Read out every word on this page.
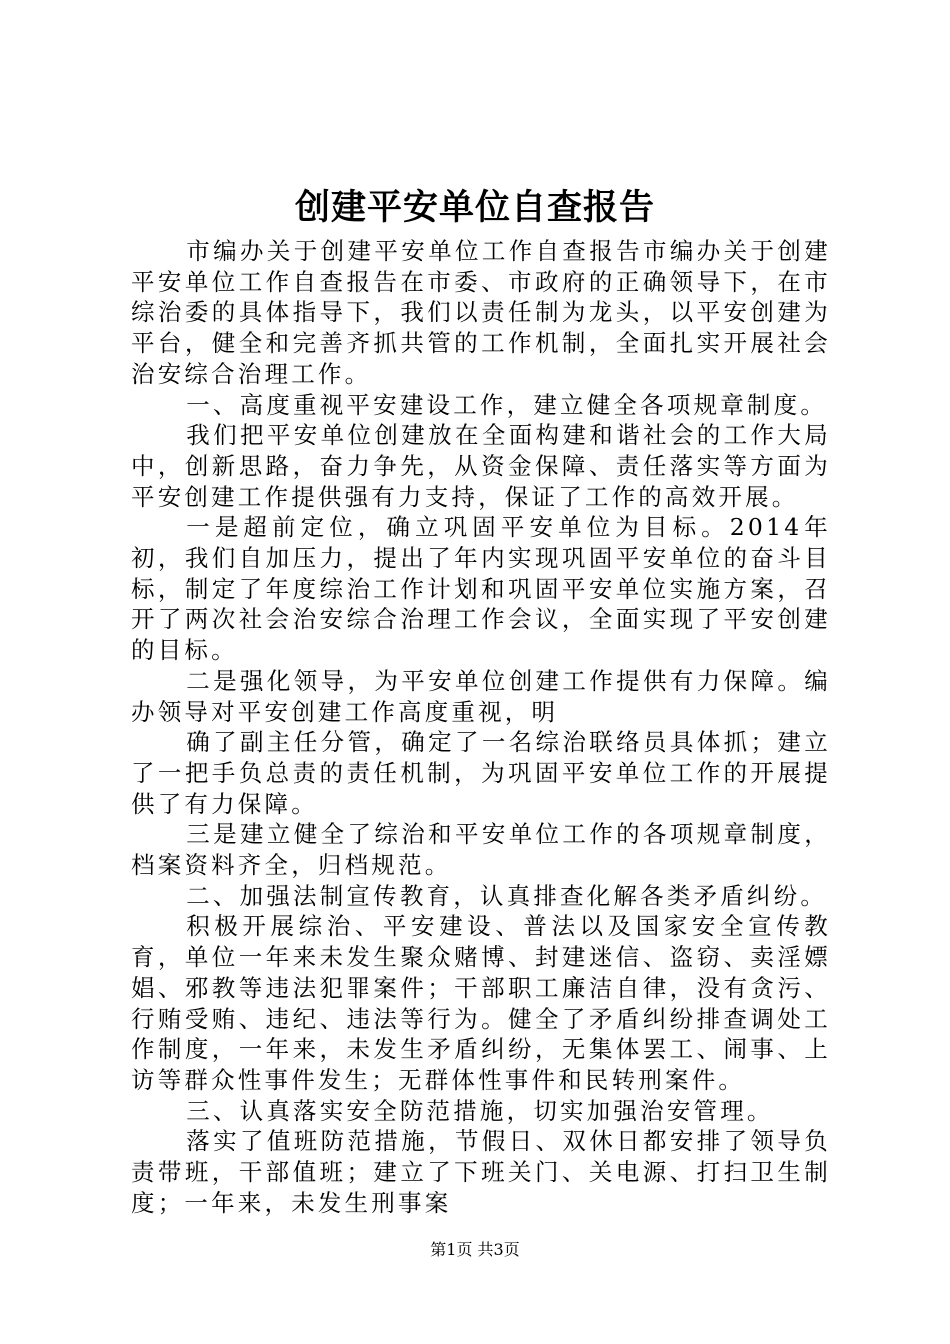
创建平安单位自查报告

市编办关于创建平安单位工作自查报告市编办关于创建平安单位工作自查报告在市委、市政府的正确领导下，在市综治委的具体指导下，我们以责任制为龙头，以平安创建为平台，健全和完善齐抓共管的工作机制，全面扎实开展社会治安综合治理工作。

一、高度重视平安建设工作，建立健全各项规章制度。

我们把平安单位创建放在全面构建和谐社会的工作大局中，创新思路，奋力争先，从资金保障、责任落实等方面为平安创建工作提供强有力支持，保证了工作的高效开展。

一是超前定位，确立巩固平安单位为目标。2014年初，我们自加压力，提出了年内实现巩固平安单位的奋斗目标，制定了年度综治工作计划和巩固平安单位实施方案，召开了两次社会治安综合治理工作会议，全面实现了平安创建的目标。

二是强化领导，为平安单位创建工作提供有力保障。编办领导对平安创建工作高度重视，明

确了副主任分管，确定了一名综治联络员具体抓；建立了一把手负总责的责任机制，为巩固平安单位工作的开展提供了有力保障。

三是建立健全了综治和平安单位工作的各项规章制度，档案资料齐全，归档规范。

二、加强法制宣传教育，认真排查化解各类矛盾纠纷。

积极开展综治、平安建设、普法以及国家安全宣传教育，单位一年来未发生聚众赌博、封建迷信、盗窃、卖淫嫖娼、邪教等违法犯罪案件；干部职工廉洁自律，没有贪污、行贿受贿、违纪、违法等行为。健全了矛盾纠纷排查调处工作制度，一年来，未发生矛盾纠纷，无集体罢工、闹事、上访等群众性事件发生；无群体性事件和民转刑案件。

三、认真落实安全防范措施，切实加强治安管理。

落实了值班防范措施，节假日、双休日都安排了领导负责带班，干部值班；建立了下班关门、关电源、打扫卫生制度；一年来，未发生刑事案

第1页 共3页
